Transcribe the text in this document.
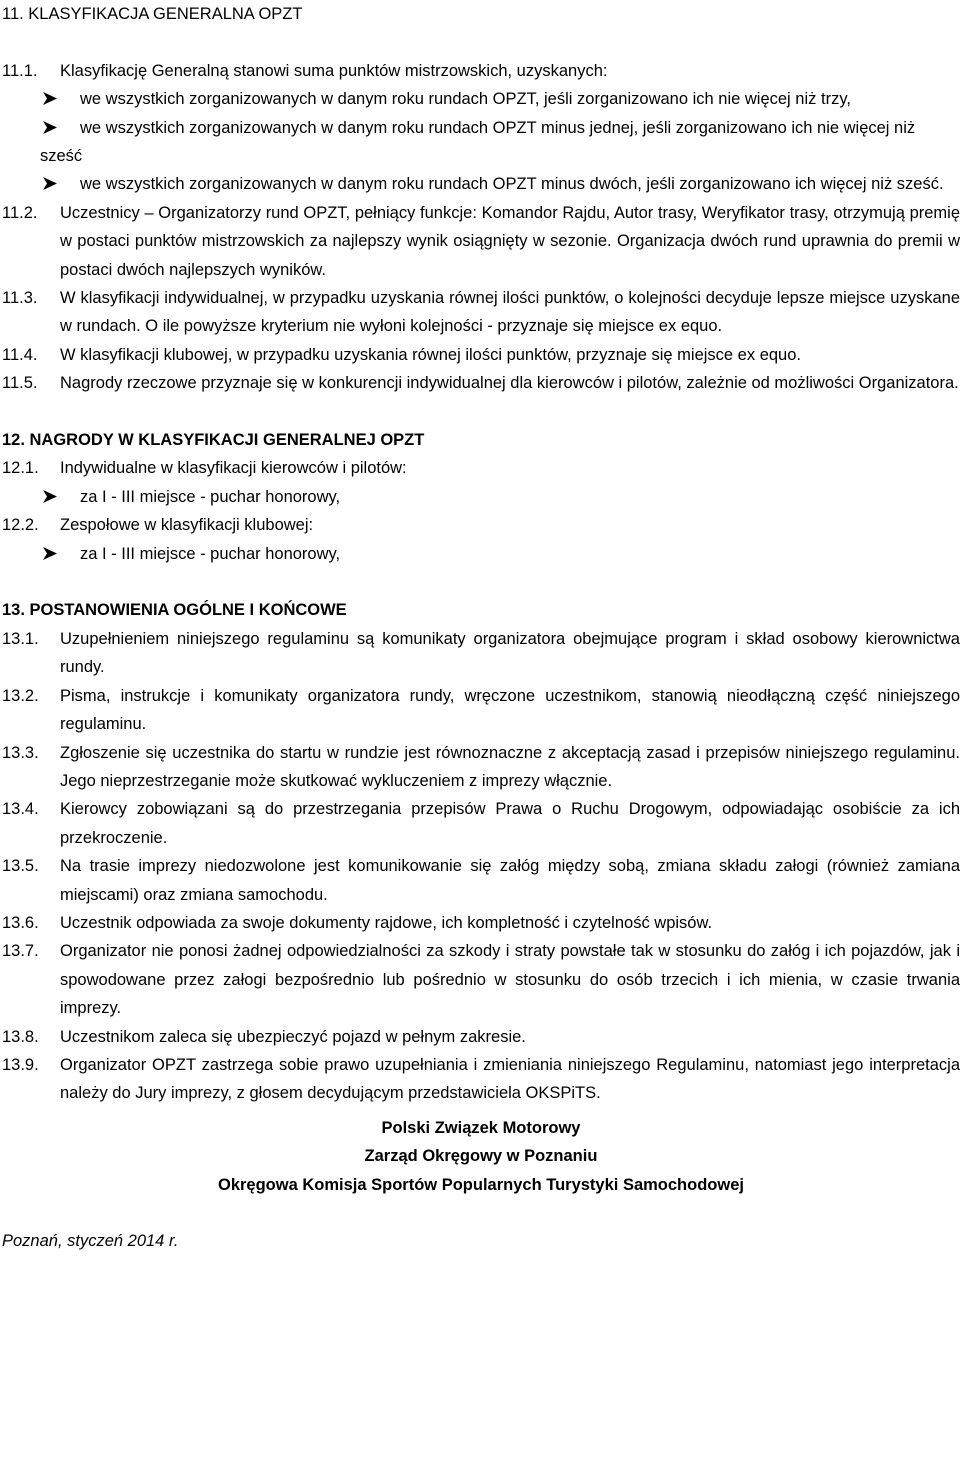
11. KLASYFIKACJA GENERALNA OPZT

11.1.	Klasyfikację Generalną stanowi suma punktów mistrzowskich, uzyskanych:

we wszystkich zorganizowanych w danym roku rundach OPZT, jeśli zorganizowano ich nie więcej niż trzy,

we wszystkich zorganizowanych w danym roku rundach OPZT minus jednej, jeśli zorganizowano ich nie więcej niż sześć

we wszystkich zorganizowanych w danym roku rundach OPZT minus dwóch, jeśli zorganizowano ich więcej niż sześć.

11.2.	Uczestnicy – Organizatorzy rund OPZT, pełniący funkcje: Komandor Rajdu, Autor trasy, Weryfikator trasy, otrzymują premię w postaci punktów mistrzowskich za najlepszy wynik osiągnięty w sezonie. Organizacja dwóch rund uprawnia do premii w postaci dwóch najlepszych wyników.
11.3.	W klasyfikacji indywidualnej, w przypadku uzyskania równej ilości punktów, o kolejności decyduje lepsze miejsce uzyskane w rundach. O ile powyższe kryterium nie wyłoni kolejności - przyznaje się miejsce ex equo.
11.4.	W klasyfikacji klubowej, w przypadku uzyskania równej ilości punktów, przyznaje się miejsce ex equo.
11.5.	Nagrody rzeczowe przyznaje się w konkurencji indywidualnej dla kierowców i pilotów, zależnie od możliwości Organizatora.

12. NAGRODY W KLASYFIKACJI GENERALNEJ OPZT

12.1.	Indywidualne w klasyfikacji kierowców i pilotów:

za I - III miejsce - puchar honorowy,

12.2.	Zespołowe w klasyfikacji klubowej:

za I - III miejsce - puchar honorowy,

13. POSTANOWIENIA OGÓLNE I KOŃCOWE

13.1.	Uzupełnieniem niniejszego regulaminu są komunikaty organizatora obejmujące program i skład osobowy kierownictwa rundy.
13.2.	Pisma, instrukcje i komunikaty organizatora rundy, wręczone uczestnikom, stanowią nieodłączną część niniejszego regulaminu.
13.3.	Zgłoszenie się uczestnika do startu w rundzie jest równoznaczne z akceptacją zasad i przepisów niniejszego regulaminu. Jego nieprzestrzeganie może skutkować wykluczeniem z imprezy włącznie.
13.4.	Kierowcy zobowiązani są do przestrzegania przepisów Prawa o Ruchu Drogowym, odpowiadając osobiście za ich przekroczenie.
13.5.	Na trasie imprezy niedozwolone jest komunikowanie się załóg między sobą, zmiana składu załogi (również zamiana miejscami) oraz zmiana samochodu.
13.6.	Uczestnik odpowiada za swoje dokumenty rajdowe, ich kompletność i czytelność wpisów.
13.7.	Organizator nie ponosi żadnej odpowiedzialności za szkody i straty powstałe tak w stosunku do załóg i ich pojazdów, jak i spowodowane przez załogi bezpośrednio lub pośrednio w stosunku do osób trzecich i ich mienia, w czasie trwania imprezy.
13.8.	Uczestnikom zaleca się ubezpieczyć pojazd w pełnym zakresie.
13.9.	Organizator OPZT zastrzega sobie prawo uzupełniania i zmieniania niniejszego Regulaminu, natomiast jego interpretacja należy do Jury imprezy, z głosem decydującym przedstawiciela OKSPiTS.

Polski Związek Motorowy

Zarząd Okręgowy w Poznaniu

Okręgowa Komisja Sportów Popularnych Turystyki Samochodowej

Poznań, styczeń 2014 r.
